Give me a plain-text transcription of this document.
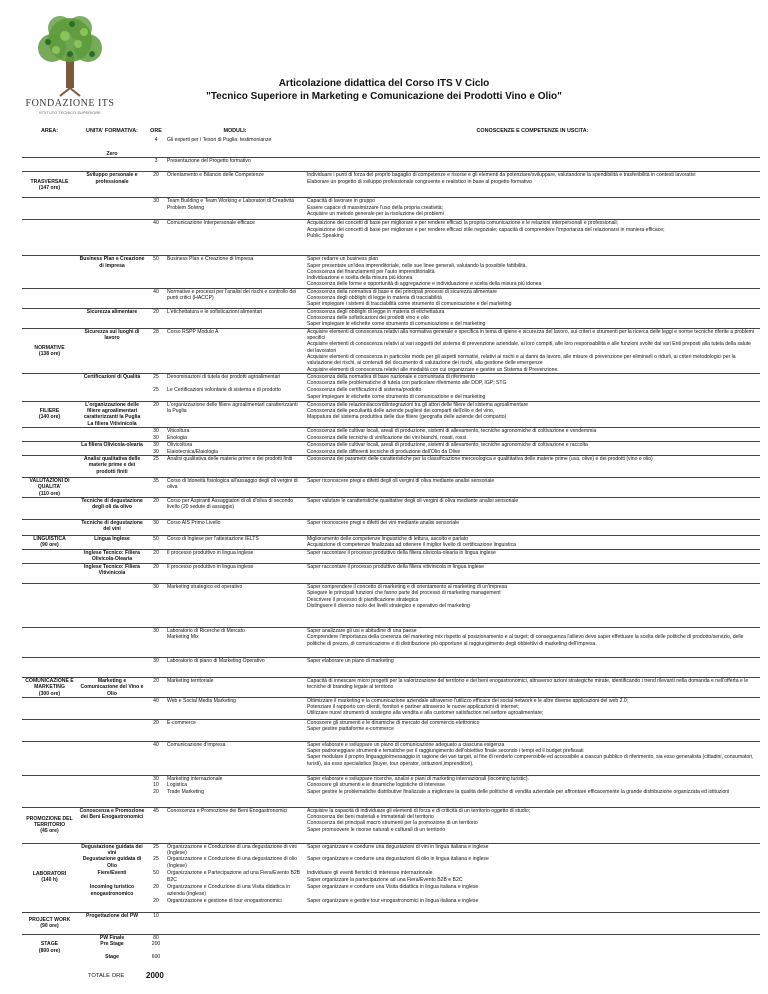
FONDAZIONE ITS
ISTITUTO TECNICO SUPERIORE
Articolazione didattica del Corso ITS V Ciclo
"Tecnico Superiore in Marketing e Comunicazione dei Prodotti Vino e Olio"
AREA:	UNITA' FORMATIVA:	ORE	MODULI:	CONOSCENZE E COMPETENZE IN USCITA:
		4	Gli esperti per i Tesori di Puglia: testimonianze	
	Zero			
		3	Presentazione del Progetto formativo	
TRASVERSALE
(147 ore)	Sviluppo personale e professionale	20	Orientamento e Bilancio delle Competenze	Individuare i punti di forza del proprio bagaglio di competenze e risorse e gli elementi da potenziare/sviluppare, valutandone la spendibilità e trasferibilità in contesti lavorativi
Elaborare un progetto di sviluppo professionale congruente e realistico in base al progetto formativo
		30	Team Building e Team Working e Laboratori di Creatività Problem Solving	Capacità di lavorare in gruppo
Essere capace di massimizzare l'uso della propria creatività;
Acquisire un metodo generale per la risoluzione dei problemi
		40	Comunicazione Interpersonale efficace	Acquisizione dei concetti di base per migliorare e per rendere efficaci la propria comunicazione e le relazioni interpersonali e professionali;
Acquisizione dei concetti di base per migliorare e per rendere efficaci stile negoziale; capacità di comprendere l'importanza del relazionarsi in maniera efficace;
Public Speaking
	Business Plan e Creazione di Impresa	50	Business Plan e Creazione di Impresa	Saper redarre un business plan
Saper presentare un'idea imprenditoriale, nelle sue linee generali, valutando la possibile fattibilità.
Conoscenza dei finanziamenti per l'auto imprenditorialità
Individuazione e scelta della misura più idonea
Conoscenza delle forme e opportunità di aggregazione e individuazione e scelta della misura più idonea
		40	Normative e processi per l'analisi dei rischi e controllo dei punti critici (HACCP)	Conoscenza della normativa di base e dei principali processi di sicurezza alimentare
Conoscenza degli obblighi di legge in materia di tracciabilità
Saper impiegare i sistemi di tracciabilità come strumento di comunicazione e del marketing
	Sicurezza alimentare	20	L'etichettatura e le sofisticazioni alimentari	Conoscenza degli obblighi di legge in materia di etichettatura
Conoscenza delle sofisticazioni dei prodotti vino e olio
Saper impiegare le etichette come strumento di comunicazione e del marketing
NORMATIVE
(138 ore)	Sicurezza sui luoghi di lavoro	28	Corso RSPP Modulo A	Acquisire elementi di conoscenza relativi alla normativa generale e specifica in tema di igiene e sicurezza del lavoro, sui criteri e strumenti per la ricerca delle leggi e norme tecniche riferite a problemi specifici
Acquisire elementi di conoscenza relativi ai vari soggetti del sistema di prevenzione aziendale, ai loro compiti, alle loro responsabilità e alle funzioni svolte dai vari Enti preposti alla tutela della salute dei lavoratori
Acquisire elementi di conoscenza in particolar modo per gli aspetti normativi, relativi ai rischi e ai danni da lavoro, alle misure di prevenzione per eliminarli o ridurli, ai criteri metodologici per la valutazione dei rischi, ai contenuti del documento di valutazione dei rischi, alla gestione delle emergenze
Acquisire elementi di conoscenza relativi alle modalità con cui organizzare e gestire un Sistema di Prevenzione.
	Certificazioni di Qualità	25	Denominazioni di tutela dei prodotti agroalimentari	Conoscenza della normativa di base nazionale e comunitaria di riferimento
Conoscenza delle problematiche di tutela con particolare riferimento alle DOP, IGP; STG
		25	Le Certificazioni volontarie di sistema e di prodotto	Conoscenza delle certificazioni di sistema/prodotto
Saper impiegare le etichette come strumento di comunicazione e del marketing
FILIERE
(140 ore)	L'organizzazione delle filiere agroalimentari caratterizzanti la Puglia
La filiera Vitivinicola	20	L'organizzazione delle filiere agroalimentari caratterizzanti la Puglia	Conoscenza delle relazioni/accordi/integrazioni tra gli attori delle filiere del sistema agroalimentare
Conoscenza delle peculiarità delle aziende pugliesi dei comparti dell'olio e del vino,
Mappatura del sistema produttiva delle due filiere (geografia delle aziende del comparto)
		30	Viticoltura	Conoscenza delle cultivar locali, areali di produzione, sistemi di allevamento, tecniche agronomiche di coltivazione e vendemmia
		30	Enologia	Conoscenza delle tecniche di vinificazione dei vini bianchi, rosati, rossi
	La filiera Olivicola-olearia	30	Olivicoltura	Conoscenza delle cultivar locali, areali di produzione, sistemi di allevamento, tecniche agronomiche di coltivazione e raccolta
		30	Elaiotecnica/Elaiologia	Conoscenza delle differenti tecniche di produzione dell'Olio da Olive
	Analisi qualitativa delle materie prime e dei prodotti finiti	25	Analisi qualitativa delle materie prime e dei prodotti finiti	Conoscenza dei parametri delle caratteristiche per la classificazione merceologica e qualititativa delle materie prime (uva, olive) e dei prodotti (vino e olio)
VALUTAZIONI DI QUALITA'
(110 ore)		35	Corso di Idoneità fisiologica all'assaggio degli oli vergini di oliva	Saper riconoscere pregi e difetti degli oli vergini di oliva mediante analisi sensoriale
	Tecniche di degustazione degli oli da olivo	20	Corso per Aspiranti Assaggiatori di oli d'oliva di secondo livello (20 sedute di assaggio)	Saper valutare le caratteristiche qualitative degli oli vergini di oliva mediante analisi sensoriale
	Tecniche di degustazione del vini	30	Corso AIS Primo Livello	Saper riconoscere pregi e difetti dei vini mediante analisi sensoriale
LINGUISTICA
(90 ore)	Lingua Inglese	50	Corso di Inglese per l'attestazione IELTS	Miglioramento delle competenze linguistiche di lettura, ascolto e parlato
Acquisizione di competenze finalizzata ad ottenere il miglior livello di certificazione linguistica
	Inglese Tecnico: Filiera Olivicola-Olearia	20	Il processo produttivo in lingua inglese	Saper raccontare il processo produttivo della filiera olivicola-olearia in lingua inglese
	Inglese Tecnico: Filiera Vitivinicola	20	Il processo produttivo in lingua inglese	Saper raccontare il processo produttivo della filiera vitivinicola in lingua inglese
		30	Marketing strategico ed operativo	Saper comprendere il concetto di marketing e di orientamento al marketing di un'impresa
Spiegare le principali funzioni che fanno parte del processo di marketing management
Descrivere il processo di pianificazione strategica
Distinguere il diverso ruolo dei livelli strategico e operativo del marketing
		30	Laboratorio di Ricerche di Mercato
Marketing Mix	Saper analizzare gli usi e abitudine di una paese
Comprendere l'importanza della coerenza del marketing mix rispetto al posizionamento e al target; di conseguenza l'allievo deve saper effettuare la scelta delle politiche di prodotto/servizio, delle politiche di prezzo, di comunicazione e di distribuzione più opportune al raggiungimento degli obbiettivi di marketing dell'impresa.
		30	Laboratorio di piano di Marketing Operativo	Saper elaborare un piano di marketing
COMUNICAZIONE E MARKETING
(300 ore)	Marketing e Comunicazione del Vino e Olio	20	Marketing territoriale	Capacità di innescare micro progetti per la valorizzazione del territorio e dei beni enogastronomici, attraverso azioni strategiche mirate, identificando i trend rilevanti nella domanda e nell'offerta e le tecniche di branding legate al territorio
		40	Web e Social Media Marketing	Ottimizzare il marketing e la comunicazione aziendale attraverso l'utilizzo efficace dei social network e le altre diverse applicazioni del web 2.0;
Potenziare il rapporto con clienti, fornitori e partner attraverso le nuove applicazioni di internet;
Utilizzare nuovi strumenti di sostegno alla vendita e alla customer satisfaction nel settore agroalimentare;
		20	E-commerce	Conoscere gli strumenti e le dinamiche di mercato del commercio elettronico
Saper gestire piattaforme e-commerce
		40	Comunicazione d'impresa	Saper elaborare e sviluppare un piano di comunicazione adeguato a ciascuna esigenza
Saper padroneggiare strumenti e tematiche per il raggiungimento dell'obiettivo finale secondo i tempi ed il budget prefissati
Saper modulare il proprio linguaggio/messaggio in ragione dei vari target, al fine di renderlo comprensibile ed accessibile a ciascun pubblico di riferimento, sia esso generalista (cittadini, consumatori, turisti), sia esso specialistico (buyer, tour operator, istituzioni,imprenditori).
		30	Marketing internazionale	Saper elaborare e sviluppare ricerche, analisi e piani di marketing internazionali (incoming turistic).
		10	Logistica	Conoscere gli strumenti e le dinamiche logistiche di interesse
		20	Trade Marketing	Saper gestire le problematiche distributive finalizzate a migliorare la qualità delle politiche di vendita aziendale per affrontare efficacemente la grande distribuzione organizzata ed istituzioni
PROMOZIONE DEL TERRITORIO
(45 ore)	Conoscenza e Promozione dei Beni Enogastronomici	45	Conoscenza e Promozione dei Beni Enogastronomici	Acquisire la capacità di individuare gli elementi di forza e di criticità di un territorio oggetto di studio;
Conoscenza dei beni materiali e immateriali del territorio
Conoscenza dei principali macro strumenti per la promozione di un territorio
Saper promuovere le risorse naturali e culturali di un territorio
	Degustazione guidata dei vini	25	Organizzazione e Conduzione di una degustazione di vini (Inglese)	Saper organizzare e condurre una degustazioni di vini in lingua italiana e inglese
	Degustazione guidata di Olio	25	Organizzazione e Conduzione di una degustazione di olio (Inglese)	Saper organizzare e condurre una degustazioni di olio in lingua italiana e inglese
LABORATORI
(140 h)	Fiere/Eventi	50	Organizzazione e Partecipazione ad una Fiera/Evento B2B B2C	Individuare gli eventi fieristici di interesse internazionale
Saper organizzare la partecipazione ad una Fiera/Evento B2B e B2C
	Incoming turistico enogastronomico	20	Organizzazione e Conduzione di una Visita didattica in azienda (Inglese)	Saper organizzare e condurre una Visita didattica in lingua italiana e inglese
		20	Organizzazione e gestione di tour enogastronomici	Saper organizzare e gestire tour enogastronomici in lingua italiana e inglese
PROJECT WORK
(90 ore)	Progettazione del PW	10		
	PW Finale	80		
STAGE
(800 ore)	Pre Stage	200		
	Stage	600		
TOTALE ORE	2000
